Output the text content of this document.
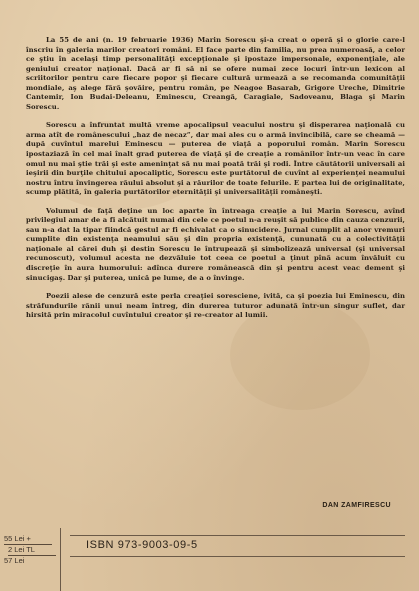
La 55 de ani (n. 19 februarie 1936) Marin Sorescu şi-a creat o operă şi o glorie care-l înscriu în galeria marilor creatori români. El face parte din familia, nu prea numeroasă, a celor ce ştiu în acelaşi timp personalităţi excepţionale şi ipostaze impersonale, exponenţiale, ale geniului creator naţional. Dacă ar fi să ni se ofere numai zece locuri într-un lexicon al scriitorilor pentru care fiecare popor şi fiecare cultură urmează a se recomanda comunităţii mondiale, aş alege fără şovăire, pentru român, pe Neagoe Basarab, Grigore Ureche, Dimitrie Cantemir, Ion Budai-Deleanu, Eminescu, Creangă, Caragiale, Sadoveanu, Blaga şi Marin Sorescu.

Sorescu a înfruntat multă vreme apocalipsul veacului nostru şi disperarea naţională cu arma atît de românescului „haz de necaz”, dar mai ales cu o armă invincibilă, care se cheamă — după cuvîntul marelui Eminescu — puterea de viaţă a poporului român. Marin Sorescu ipostaziază în cel mai înalt grad puterea de viaţă şi de creaţie a românilor într-un veac în care omul nu mai ştie trăi şi este ameninţat să nu mai poată trăi şi rodi. Între căutătorii universali ai ieşirii din burţile chitului apocaliptic, Sorescu este purtătorul de cuvînt al experienţei neamului nostru întru învingerea răului absolut şi a răurilor de toate felurile. E partea lui de originalitate, scump plătită, în galeria purtătorilor eternităţii şi universalităţii româneşti.

Volumul de faţă deţine un loc aparte în întreaga creaţie a lui Marin Sorescu, avînd privilegiul amar de a fi alcătuit numai din cele ce poetul n-a reuşit să publice din cauza cenzurii, sau n-a dat la tipar fiindcă gestul ar fi echivalat ca o sinucidere. Jurnal cumplit al anor vremuri cumplite din existenţa neamului său şi din propria existenţă, cununată cu a colectivităţii naţionale al cărei duh şi destin Sorescu le întrupează şi simbolizează universal (şi universal recunoscut), volumul acesta ne dezvăluie tot ceea ce poetul a ţinut pînă acum învăluit cu discreţie în aura humorului: adînca durere românească din şi pentru acest veac dement şi sinucigaş. Dar şi puterea, unică pe lume, de a o învinge.

Poezii alese de cenzură este perla creaţiei soresciene, ivită, ca şi poezia lui Eminescu, din străfundurile rănii unui neam întreg, din durerea tuturor adunată într-un singur suflet, dar hirsită prin miracolul cuvîntului creator şi re-creator al lumii.

DAN ZAMFIRESCU
55 Lei +
2 Lei TL
57 Lei
ISBN 973-9003-09-5
